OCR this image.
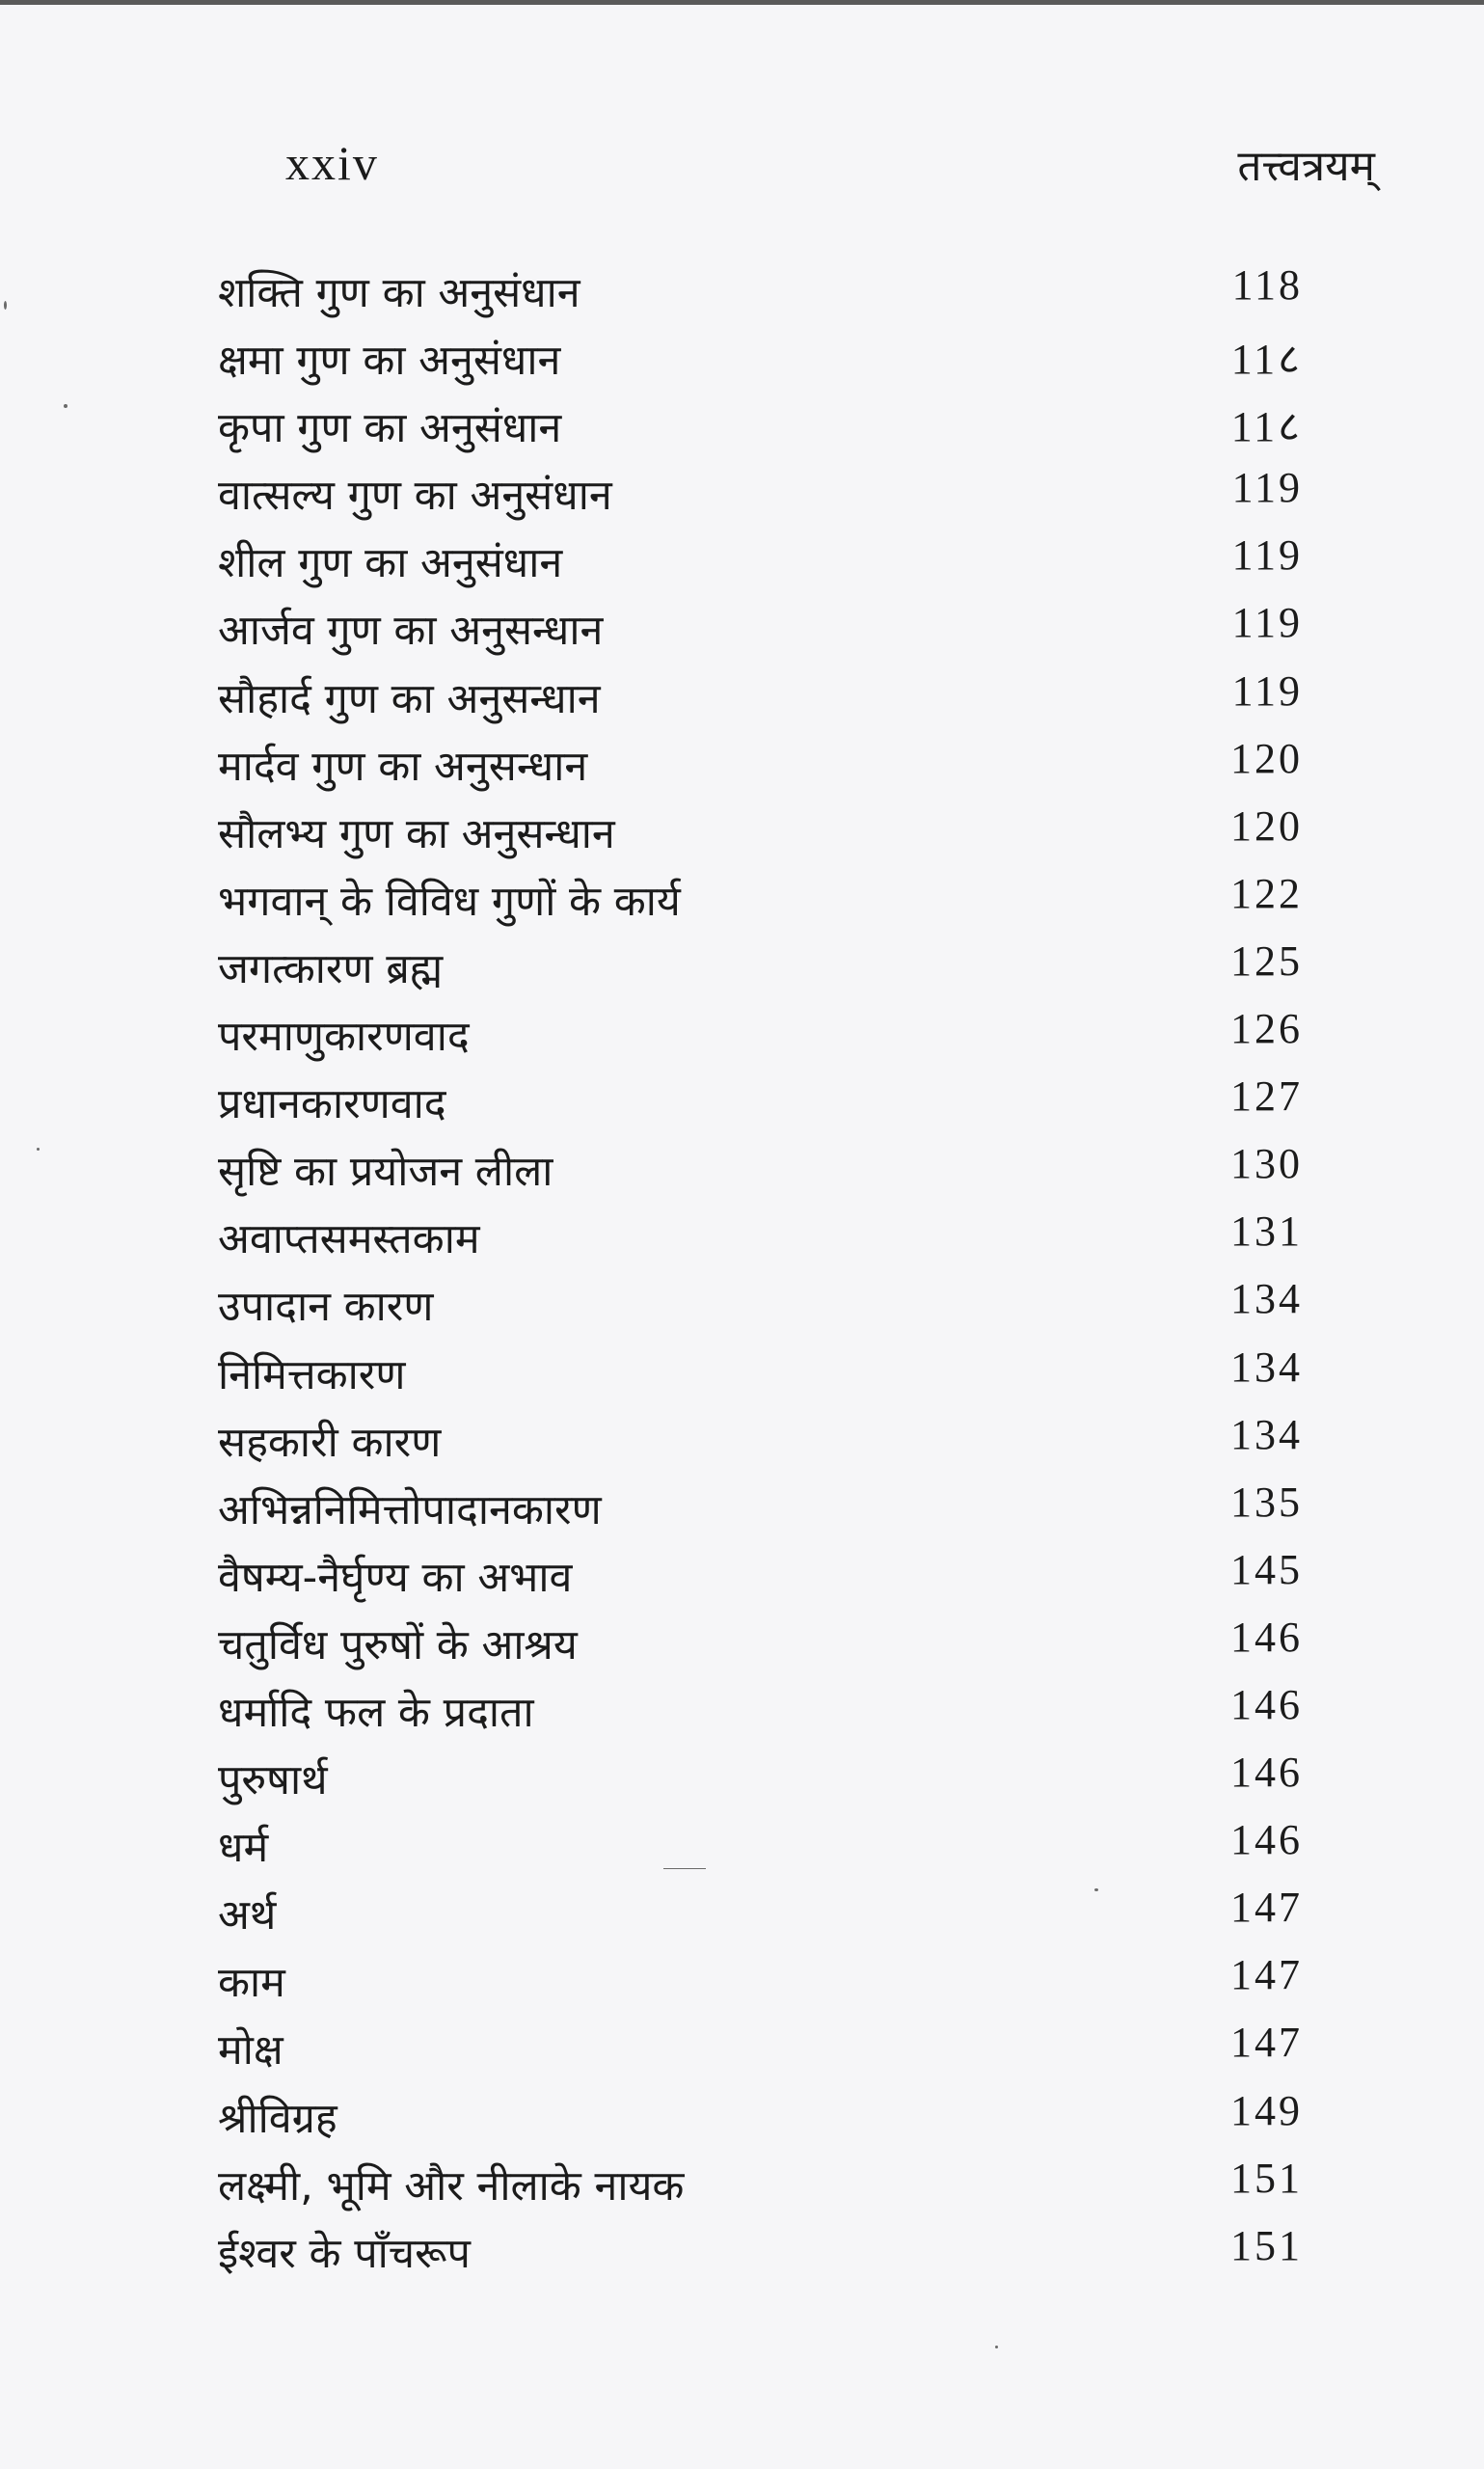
xxiv	तत्त्वत्रयम्
शक्ति गुण का अनुसंधान	118
क्षमा गुण का अनुसंधान	11८
कृपा गुण का अनुसंधान	11८
वात्सल्य गुण का अनुसंधान	119
शील गुण का अनुसंधान	119
आर्जव गुण का अनुसन्धान	119
सौहार्द गुण का अनुसन्धान	119
मार्दव गुण का अनुसन्धान	120
सौलभ्य गुण का अनुसन्धान	120
भगवान् के विविध गुणों के कार्य	122
जगत्कारण ब्रह्म	125
परमाणुकारणवाद	126
प्रधानकारणवाद	127
सृष्टि का प्रयोजन लीला	130
अवाप्तसमस्तकाम	131
उपादान कारण	134
निमित्तकारण	134
सहकारी कारण	134
अभिन्ननिमित्तोपादानकारण	135
वैषम्य-नैर्घृण्य का अभाव	145
चतुर्विध पुरुषों के आश्रय	146
धर्मादि फल के प्रदाता	146
पुरुषार्थ	146
धर्म	146
अर्थ	147
काम	147
मोक्ष	147
श्रीविग्रह	149
लक्ष्मी, भूमि और नीलाके नायक	151
ईश्वर के पाँचरूप	151
